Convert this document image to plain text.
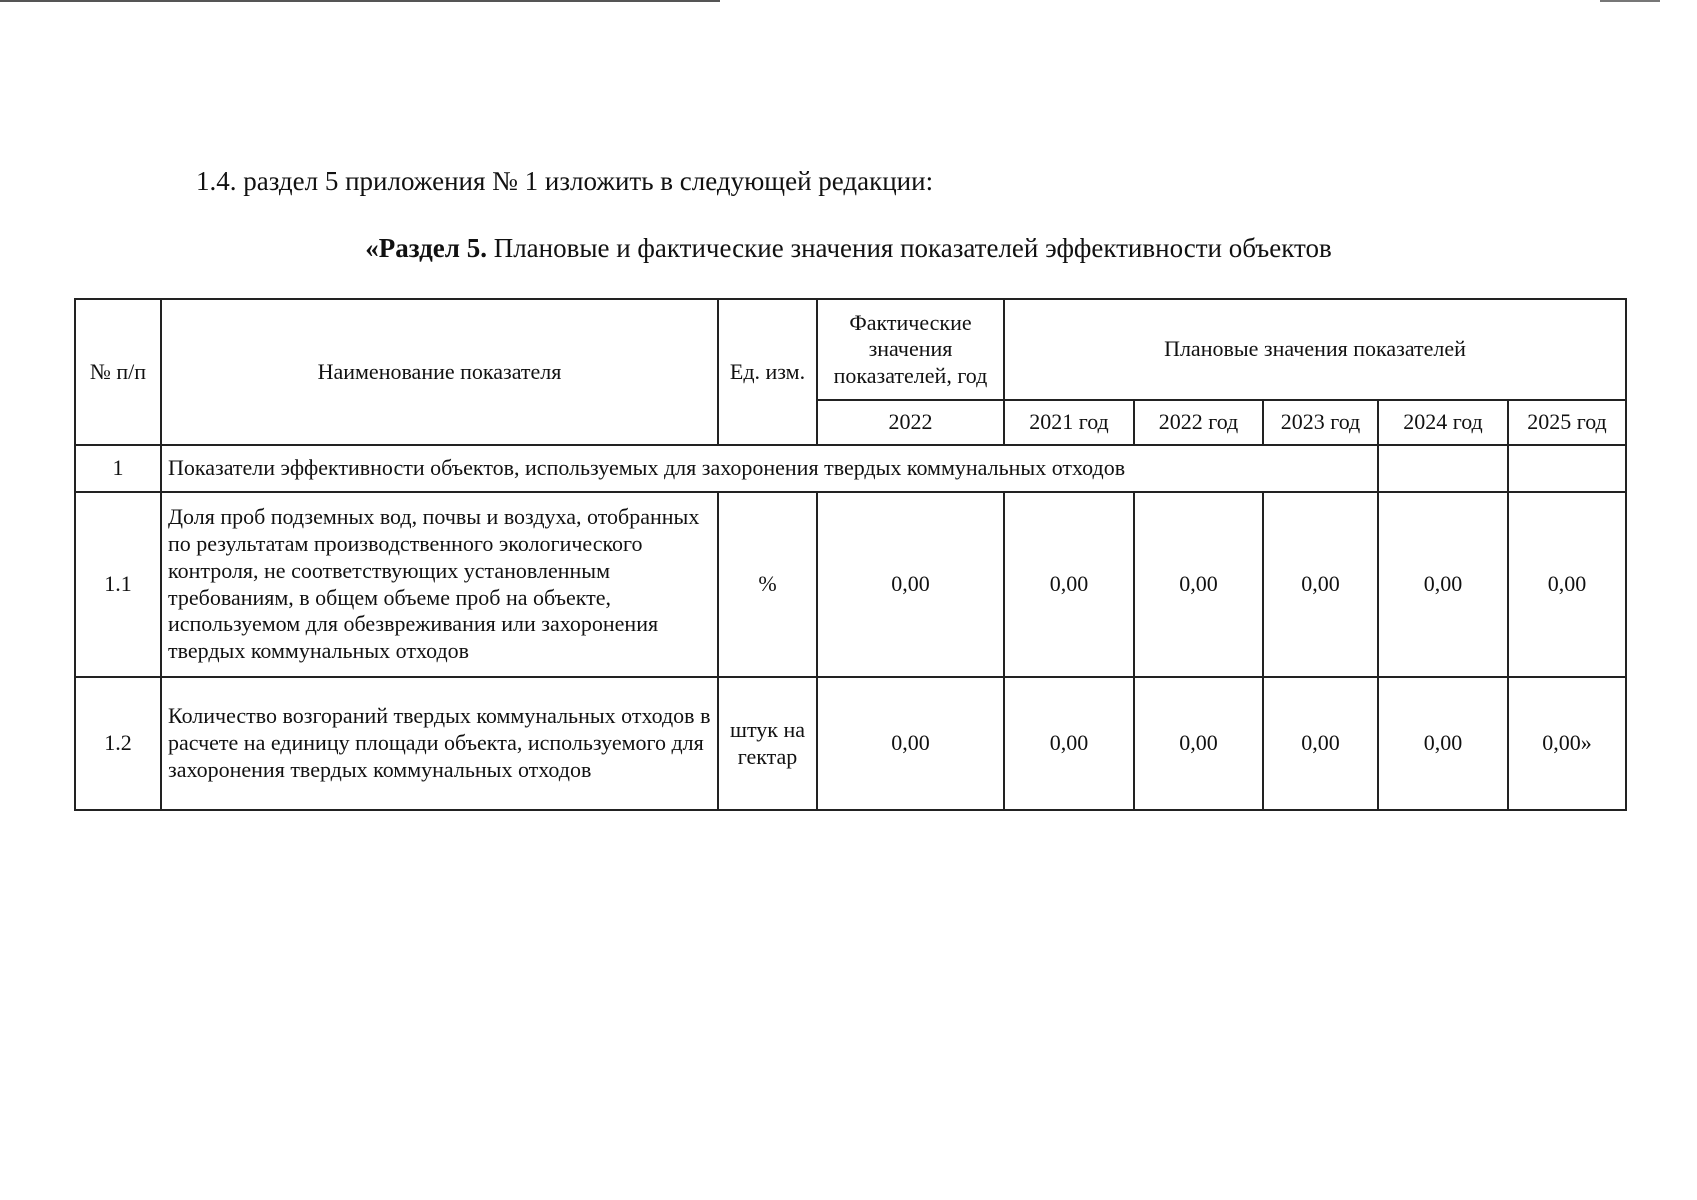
1.4. раздел 5 приложения № 1 изложить в следующей редакции:
«Раздел 5. Плановые и фактические значения показателей эффективности объектов
№ п/п	Наименование показателя	Ед. изм.	Фактические значения показателей, год	Плановые значения показателей				
			2022	2021 год	2022 год	2023 год	2024 год	2025 год
1	Показатели эффективности объектов, используемых для захоронения твердых коммунальных отходов							
1.1	Доля проб подземных вод, почвы и воздуха, отобранных по результатам производственного экологического контроля, не соответствующих установленным требованиям, в общем объеме проб на объекте, используемом для обезвреживания или захоронения твердых коммунальных отходов	%	0,00	0,00	0,00	0,00	0,00	0,00
1.2	Количество возгораний твердых коммунальных отходов в расчете на единицу площади объекта, используемого для захоронения твердых коммунальных отходов	штук на гектар	0,00	0,00	0,00	0,00	0,00	0,00»
